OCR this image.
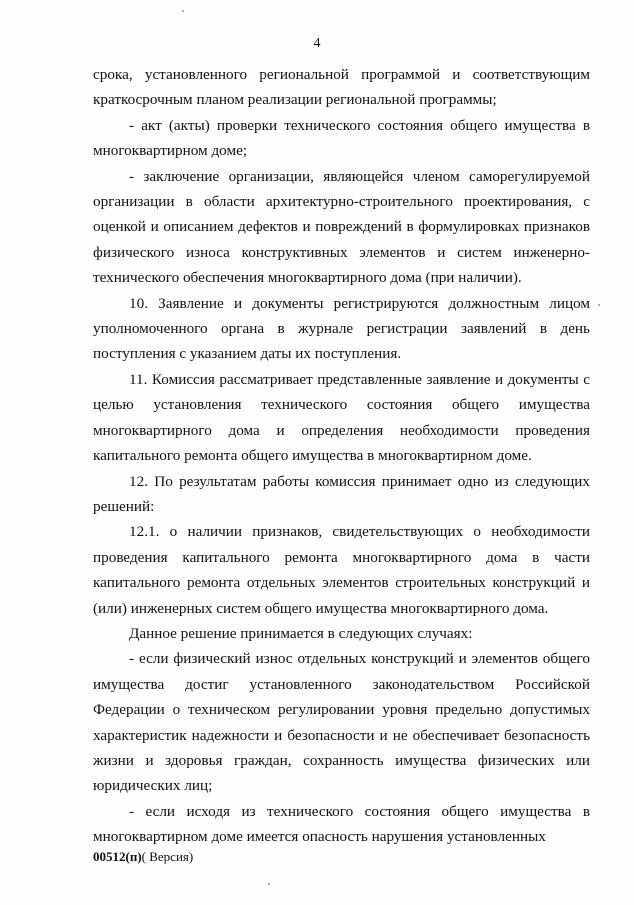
4

срока, установленного региональной программой и соответствующим краткосрочным планом реализации региональной программы;

- акт (акты) проверки технического состояния общего имущества в многоквартирном доме;

- заключение организации, являющейся членом саморегулируемой организации в области архитектурно-строительного проектирования, с оценкой и описанием дефектов и повреждений в формулировках признаков физического износа конструктивных элементов и систем инженерно-технического обеспечения многоквартирного дома (при наличии).

10. Заявление и документы регистрируются должностным лицом уполномоченного органа в журнале регистрации заявлений в день поступления с указанием даты их поступления.

11. Комиссия рассматривает представленные заявление и документы с целью установления технического состояния общего имущества многоквартирного дома и определения необходимости проведения капитального ремонта общего имущества в многоквартирном доме.

12. По результатам работы комиссия принимает одно из следующих решений:

12.1. о наличии признаков, свидетельствующих о необходимости проведения капитального ремонта многоквартирного дома в части капитального ремонта отдельных элементов строительных конструкций и (или) инженерных систем общего имущества многоквартирного дома.

Данное решение принимается в следующих случаях:

- если физический износ отдельных конструкций и элементов общего имущества достиг установленного законодательством Российской Федерации о техническом регулировании уровня предельно допустимых характеристик надежности и безопасности и не обеспечивает безопасность жизни и здоровья граждан, сохранность имущества физических или юридических лиц;

- если исходя из технического состояния общего имущества в многоквартирном доме имеется опасность нарушения установленных

00512(п)( Версия)
